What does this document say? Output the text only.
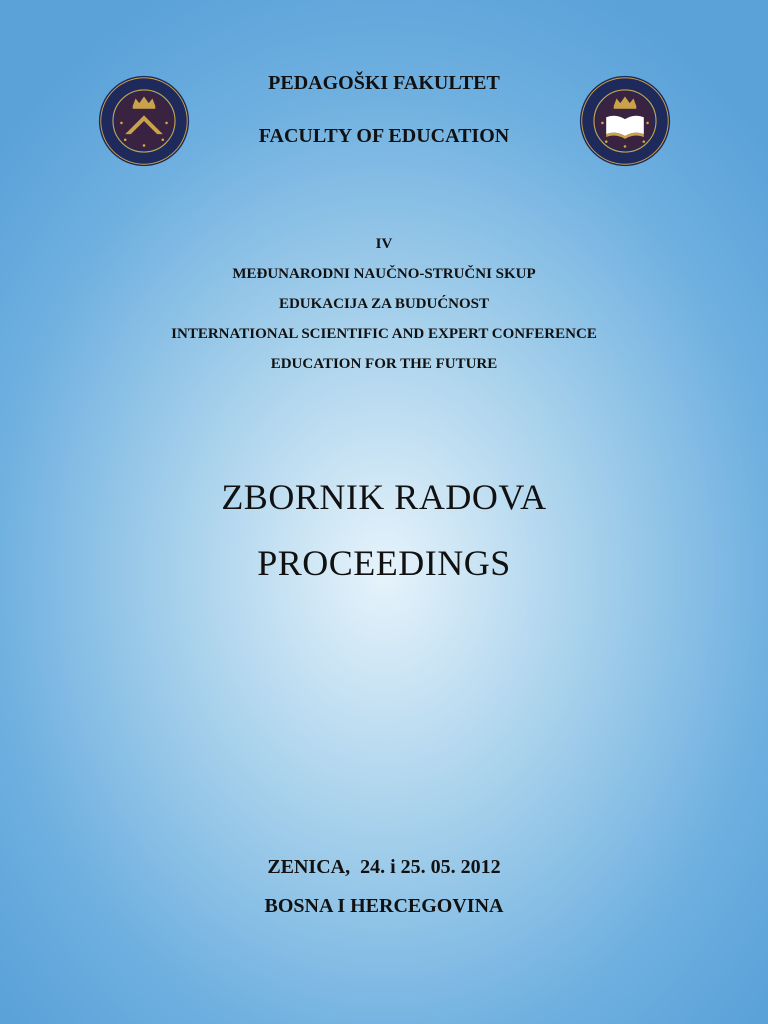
PEDAGOŠKI FAKULTET
FACULTY OF EDUCATION
IV
MEĐUNARODNI NAUČNO-STRUČNI SKUP
EDUKACIJA ZA BUDUĆNOST
INTERNATIONAL SCIENTIFIC AND EXPERT CONFERENCE
EDUCATION FOR THE FUTURE
ZBORNIK RADOVA
PROCEEDINGS
ZENICA,  24. i 25. 05. 2012
BOSNA I HERCEGOVINA
